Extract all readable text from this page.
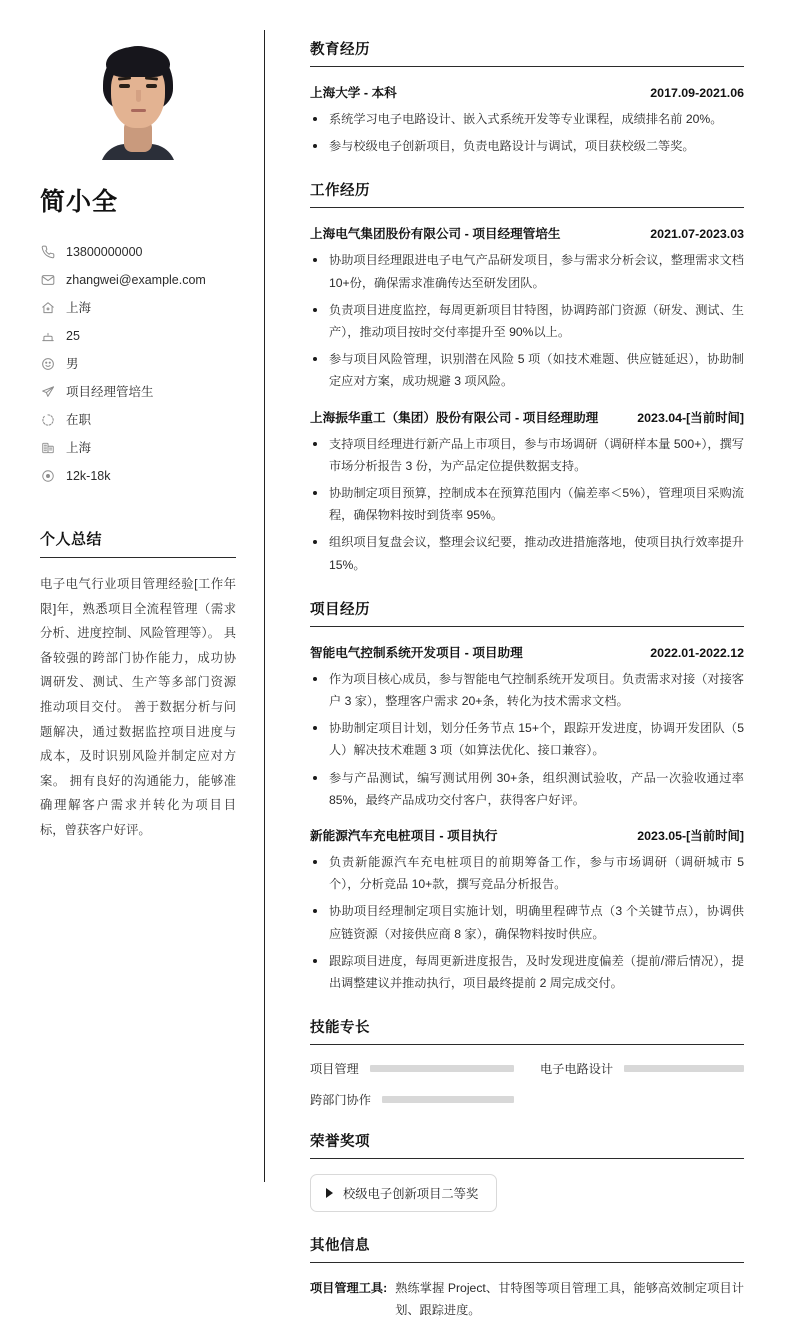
简小全
13800000000
zhangwei@example.com
上海
25
男
项目经理管培生
在职
上海
12k-18k
个人总结

电子电气行业项目管理经验[工作年限]年，熟悉项目全流程管理（需求分析、进度控制、风险管理等）。 具备较强的跨部门协作能力，成功协调研发、测试、生产等多部门资源推动项目交付。 善于数据分析与问题解决，通过数据监控项目进度与成本，及时识别风险并制定应对方案。 拥有良好的沟通能力，能够准确理解客户需求并转化为项目目标，曾获客户好评。

教育经历
上海大学 - 本科	2017.09-2021.06
系统学习电子电路设计、嵌入式系统开发等专业课程，成绩排名前 20%。
参与校级电子创新项目，负责电路设计与调试，项目获校级二等奖。
工作经历
上海电气集团股份有限公司 - 项目经理管培生	2021.07-2023.03
协助项目经理跟进电子电气产品研发项目，参与需求分析会议，整理需求文档 10+份，确保需求准确传达至研发团队。
负责项目进度监控，每周更新项目甘特图，协调跨部门资源（研发、测试、生产），推动项目按时交付率提升至 90%以上。
参与项目风险管理，识别潜在风险 5 项（如技术难题、供应链延迟），协助制定应对方案，成功规避 3 项风险。
上海振华重工（集团）股份有限公司 - 项目经理助理	2023.04-[当前时间]
支持项目经理进行新产品上市项目，参与市场调研（调研样本量 500+），撰写市场分析报告 3 份，为产品定位提供数据支持。
协助制定项目预算，控制成本在预算范围内（偏差率＜5%），管理项目采购流程，确保物料按时到货率 95%。
组织项目复盘会议，整理会议纪要，推动改进措施落地，使项目执行效率提升 15%。
项目经历
智能电气控制系统开发项目 - 项目助理	2022.01-2022.12
作为项目核心成员，参与智能电气控制系统开发项目。负责需求对接（对接客户 3 家），整理客户需求 20+条，转化为技术需求文档。
协助制定项目计划，划分任务节点 15+个，跟踪开发进度，协调开发团队（5 人）解决技术难题 3 项（如算法优化、接口兼容）。
参与产品测试，编写测试用例 30+条，组织测试验收，产品一次验收通过率 85%，最终产品成功交付客户，获得客户好评。
新能源汽车充电桩项目 - 项目执行	2023.05-[当前时间]
负责新能源汽车充电桩项目的前期筹备工作，参与市场调研（调研城市 5 个），分析竞品 10+款，撰写竞品分析报告。
协助项目经理制定项目实施计划，明确里程碑节点（3 个关键节点），协调供应链资源（对接供应商 8 家），确保物料按时供应。
跟踪项目进度，每周更新进度报告，及时发现进度偏差（提前/滞后情况），提出调整建议并推动执行，项目最终提前 2 周完成交付。
技能专长
项目管理	电子电路设计
跨部门协作
荣誉奖项
校级电子创新项目二等奖
其他信息
项目管理工具: 熟练掌握 Project、甘特图等项目管理工具，能够高效制定项目计划、跟踪进度。
